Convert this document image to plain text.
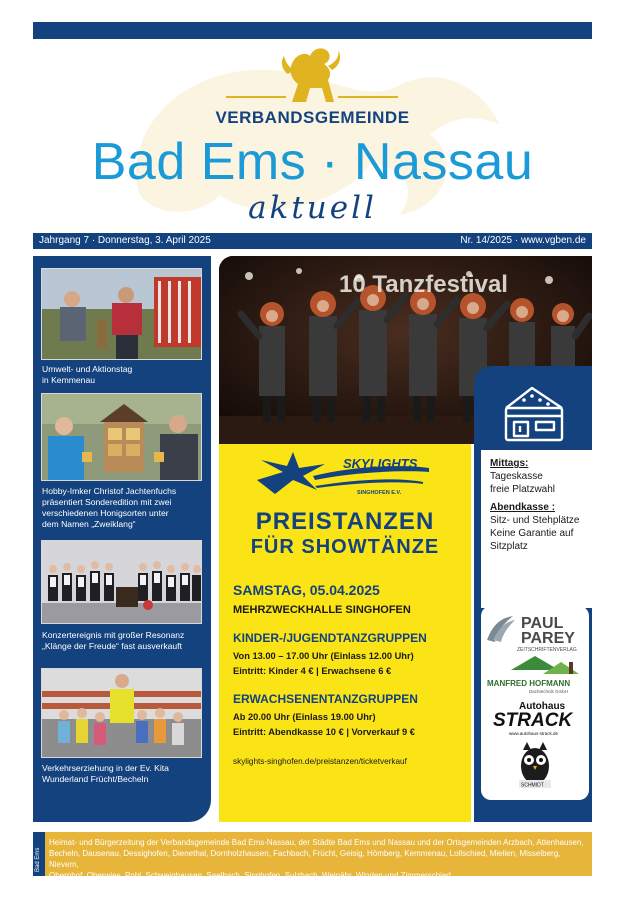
VERBANDSGEMEINDE
Bad Ems · Nassau
aktuell
Jahrgang 7 · Donnerstag, 3. April 2025	Nr. 14/2025 · www.vgben.de
Umwelt- und Aktionstag
in Kemmenau
Hobby-Imker Christof Jachtenfuchs
präsentiert Sonderedition mit zwei
verschiedenen Honigsorten unter
dem Namen „Zweiklang“
Konzertereignis mit großer Resonanz
„Klänge der Freude“ fast ausverkauft
Verkehrserziehung in der Ev. Kita
Wunderland Frücht/Becheln
10 Tanzfestival
SKYLIGHTS
SINGHOFEN E.V.
PREISTANZEN
FÜR SHOWTÄNZE
SAMSTAG, 05.04.2025
MEHRZWECKHALLE SINGHOFEN
KINDER-/JUGENDTANZGRUPPEN
Von 13.00 – 17.00 Uhr (Einlass 12.00 Uhr)
Eintritt: Kinder 4 € | Erwachsene 6 €
ERWACHSENENTANZGRUPPEN
Ab 20.00 Uhr (Einlass 19.00 Uhr)
Eintritt: Abendkasse 10 € | Vorverkauf 9 €
skylights-singhofen.de/preistanzen/ticketverkauf
Mittags:
Tageskasse
freie Platzwahl
Abendkasse :
Sitz- und Stehplätze
Keine Garantie auf
Sitzplatz
Sponsored by
PAUL
PAREY
ZEITSCHRIFTENVERLAG
MANFRED HOFMANN
Dachtechnik GmbH
Autohaus
STRACK
www.autohaus-strack.de
SCHMIDT
Bad Ems
Heimat- und Bürgerzeitung der Verbandsgemeinde Bad Ems-Nassau, der Städte Bad Ems und Nassau und der Ortsgemeinden Arzbach, Attenhausen,
Becheln, Dausenau, Dessighofen, Dienethal, Dornholzhausen, Fachbach, Frücht, Geisig, Hömberg, Kemmenau, Lollschied, Miellen, Misselberg, Nievern,
Obernhof, Oberwies, Pohl, Schweighausen, Seelbach, Singhofen, Sulzbach, Weinähr, Winden und Zimmerschied
